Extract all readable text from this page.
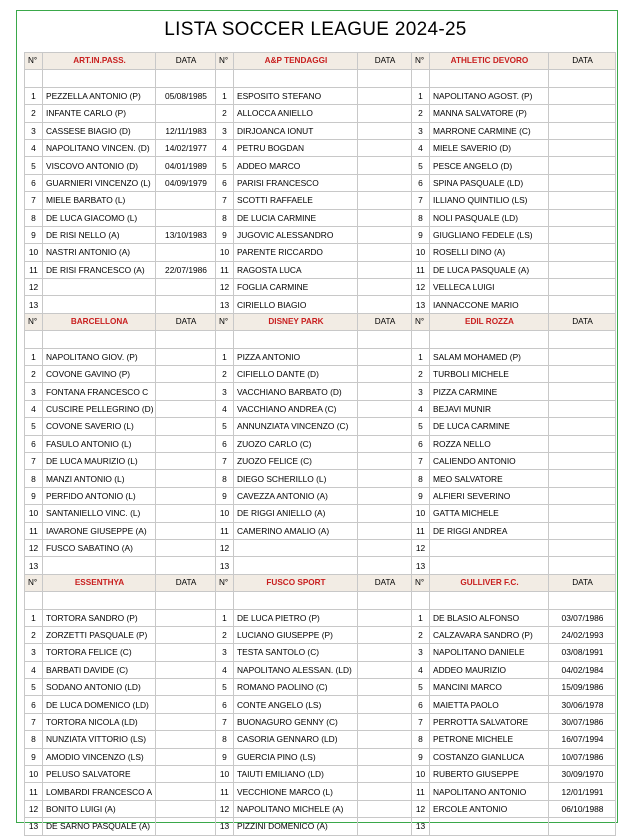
LISTA SOCCER LEAGUE 2024-25
N°	ART.IN.PASS.	DATA	N°	A&P TENDAGGI	DATA	N°	ATHLETIC DEVORO	DATA

1	PEZZELLA ANTONIO (P)	05/08/1985	1	ESPOSITO STEFANO		1	NAPOLITANO AGOST. (P)	
2	INFANTE CARLO (P)		2	ALLOCCA ANIELLO		2	MANNA SALVATORE (P)	
3	CASSESE BIAGIO (D)	12/11/1983	3	DIRJOANCA IONUT		3	MARRONE CARMINE (C)	
4	NAPOLITANO VINCEN. (D)	14/02/1977	4	PETRU BOGDAN		4	MIELE SAVERIO (D)	
5	VISCOVO ANTONIO (D)	04/01/1989	5	ADDEO MARCO		5	PESCE ANGELO (D)	
6	GUARNIERI VINCENZO (L)	04/09/1979	6	PARISI FRANCESCO		6	SPINA PASQUALE (LD)	
7	MIELE BARBATO (L)		7	SCOTTI RAFFAELE		7	ILLIANO QUINTILIO (LS)	
8	DE LUCA GIACOMO (L)		8	DE LUCIA CARMINE		8	NOLI PASQUALE (LD)	
9	DE RISI NELLO (A)	13/10/1983	9	JUGOVIC ALESSANDRO		9	GIUGLIANO FEDELE (LS)	
10	NASTRI ANTONIO (A)		10	PARENTE RICCARDO		10	ROSELLI DINO (A)	
11	DE RISI FRANCESCO (A)	22/07/1986	11	RAGOSTA LUCA		11	DE LUCA PASQUALE (A)	
12			12	FOGLIA CARMINE		12	VELLECA LUIGI	
13			13	CIRIELLO BIAGIO		13	IANNACCONE MARIO	
N°	BARCELLONA	DATA	N°	DISNEY PARK	DATA	N°	EDIL ROZZA	DATA

1	NAPOLITANO GIOV. (P)		1	PIZZA ANTONIO		1	SALAM MOHAMED (P)	
2	COVONE GAVINO (P)		2	CIFIELLO DANTE (D)		2	TURBOLI MICHELE	
3	FONTANA FRANCESCO C		3	VACCHIANO BARBATO (D)		3	PIZZA CARMINE	
4	CUSCIRE PELLEGRINO (D)		4	VACCHIANO ANDREA (C)		4	BEJAVI MUNIR	
5	COVONE SAVERIO (L)		5	ANNUNZIATA VINCENZO (C)		5	DE LUCA CARMINE	
6	FASULO ANTONIO (L)		6	ZUOZO CARLO (C)		6	ROZZA NELLO	
7	DE LUCA MAURIZIO (L)		7	ZUOZO FELICE (C)		7	CALIENDO ANTONIO	
8	MANZI ANTONIO (L)		8	DIEGO SCHERILLO (L)		8	MEO SALVATORE	
9	PERFIDO ANTONIO (L)		9	CAVEZZA ANTONIO (A)		9	ALFIERI SEVERINO	
10	SANTANIELLO VINC. (L)		10	DE RIGGI ANIELLO (A)		10	GATTA MICHELE	
11	IAVARONE GIUSEPPE (A)		11	CAMERINO AMALIO (A)		11	DE RIGGI ANDREA	
12	FUSCO SABATINO (A)		12			12		
13			13			13		
N°	ESSENTHYA	DATA	N°	FUSCO SPORT	DATA	N°	GULLIVER F.C.	DATA

1	TORTORA SANDRO (P)		1	DE LUCA PIETRO (P)		1	DE BLASIO ALFONSO	03/07/1986
2	ZORZETTI PASQUALE (P)		2	LUCIANO GIUSEPPE (P)		2	CALZAVARA SANDRO (P)	24/02/1993
3	TORTORA FELICE (C)		3	TESTA SANTOLO (C)		3	NAPOLITANO DANIELE	03/08/1991
4	BARBATI DAVIDE (C)		4	NAPOLITANO ALESSAN. (LD)		4	ADDEO MAURIZIO	04/02/1984
5	SODANO ANTONIO (LD)		5	ROMANO PAOLINO (C)		5	MANCINI MARCO	15/09/1986
6	DE LUCA DOMENICO (LD)		6	CONTE ANGELO (LS)		6	MAIETTA PAOLO	30/06/1978
7	TORTORA NICOLA (LD)		7	BUONAGURO GENNY (C)		7	PERROTTA SALVATORE	30/07/1986
8	NUNZIATA VITTORIO (LS)		8	CASORIA GENNARO (LD)		8	PETRONE MICHELE	16/07/1994
9	AMODIO VINCENZO (LS)		9	GUERCIA PINO (LS)		9	COSTANZO GIANLUCA	10/07/1986
10	PELUSO SALVATORE		10	TAIUTI EMILIANO (LD)		10	RUBERTO GIUSEPPE	30/09/1970
11	LOMBARDI FRANCESCO A		11	VECCHIONE MARCO (L)		11	NAPOLITANO ANTONIO	12/01/1991
12	BONITO LUIGI (A)		12	NAPOLITANO MICHELE (A)		12	ERCOLE ANTONIO	06/10/1988
13	DE SARNO PASQUALE (A)		13	PIZZINI DOMENICO (A)		13		
